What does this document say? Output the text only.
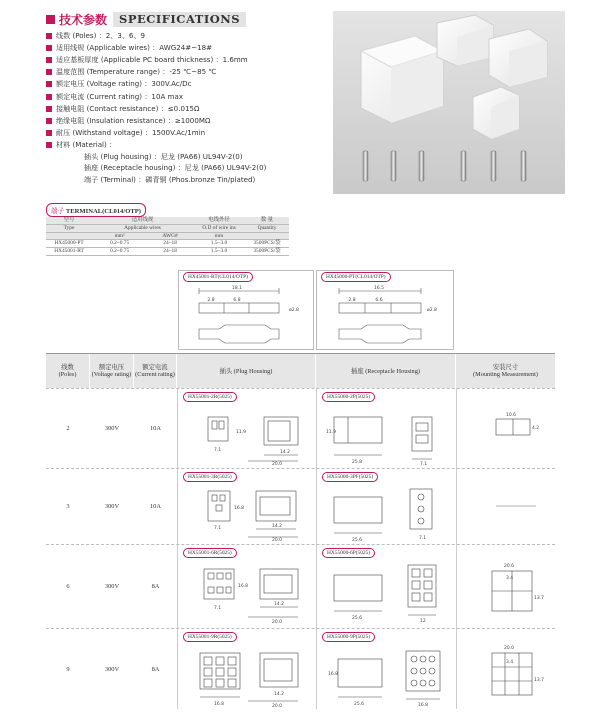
技术参数	SPECIFICATIONS
线数 (Poles) ：2、3、6、9
适用线规 (Applicable wires) ：AWG24#~18#
适应基板厚度 (Applicable PC board thickness) ：1.6mm
温度范围 (Temperature range) ：-25 ℃~85 ℃
额定电压 (Voltage rating) ：300V.Ac/Dc
额定电流 (Current rating) ：10A max
接触电阻 (Contact resistance) ：≤0.015Ω
绝缘电阻 (Insulation resistance) ：≥1000MΩ
耐压 (Withstand voltage) ：1500V.Ac/1min
材料 (Material) ：
插头 (Plug housing) ：尼龙 (PA66) UL94V-2(0)
插座 (Receptacle housing) ：尼龙 (PA66) UL94V-2(0)
端子 (Terminal) ：磷青铜 (Phos.bronze Tin/plated)
端子 TERMINAL(CL014/OTP)
型号	适用线规		电线外径	数 量
Type	Applicable wires		O.D of wire ins	Quantity
	mm²	AWG#	mm	
HX45000-PT	0.2~0.75	24~18	1.5~3.0	3500PCS/袋
HX45001-RT	0.2~0.75	24~18	1.5~3.0	3500PCS/袋
HX45001-RT(CL014/OTP)
18.1
2.8	6.8
ø2.8
HX45000-PT(CL014/OTP)
16.5
2.8	6.6
ø2.8
线数
(Poles)
额定电压
(Voltage rating)
额定电流
(Current rating)	插头 (Plug Housing)	插座 (Receptacle Housing)	安装尺寸
(Mounting Measurement)
2	300V	10A
HX55001-2R(5025)	HX55000-2P(5025)
11.9
7.1	14.2
20.0
11.9
25.8	7.1
10.6
4.2
3	300V	10A
HX55001-3R(5025)	HX55000-3PF(5025)
16.8
7.1	14.2
20.0	25.6	7.1
6	300V	8A
HX55001-6R(5025)	HX55000-6P(5025)
16.8
7.1
14.2
20.0
25.6
12
20.6
3.4
13.7
9	300V	8A
HX55001-9R(5025)	HX55000-9P(5025)
16.8
14.2
20.0
16.8
25.6	16.8
20.0
3.4
13.7
